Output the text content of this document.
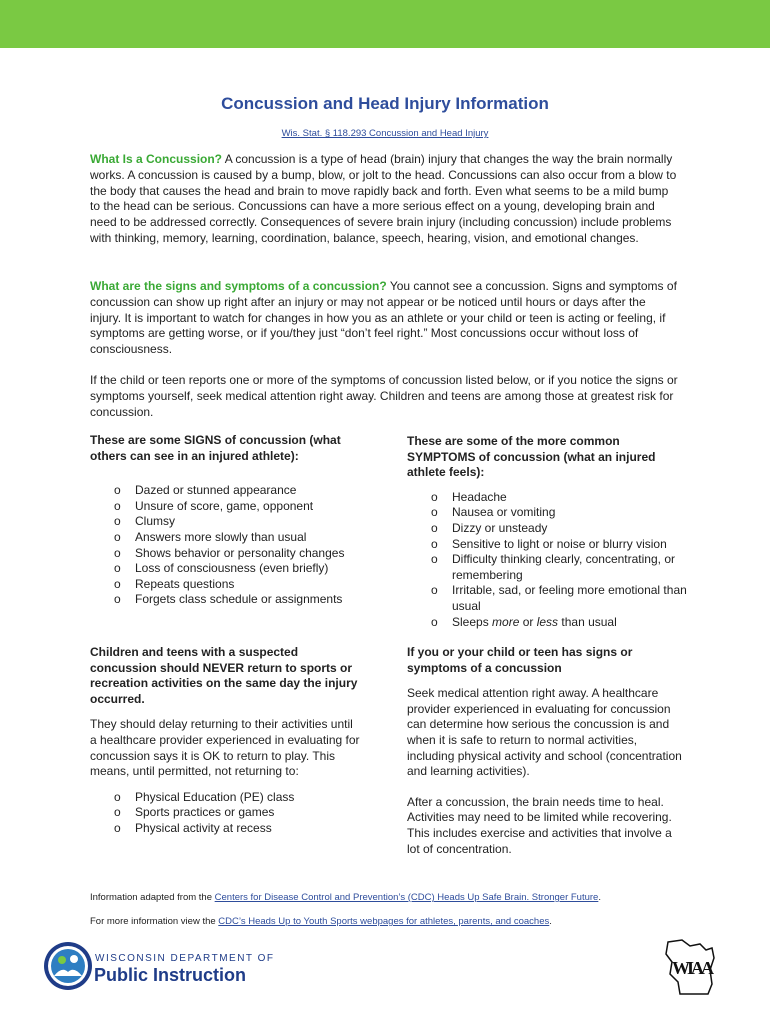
Concussion and Head Injury Information
Wis. Stat. § 118.293 Concussion and Head Injury
What Is a Concussion? A concussion is a type of head (brain) injury that changes the way the brain normally works. A concussion is caused by a bump, blow, or jolt to the head. Concussions can also occur from a blow to the body that causes the head and brain to move rapidly back and forth. Even what seems to be a mild bump to the head can be serious. Concussions can have a more serious effect on a young, developing brain and need to be addressed correctly. Consequences of severe brain injury (including concussion) include problems with thinking, memory, learning, coordination, balance, speech, hearing, vision, and emotional changes.
What are the signs and symptoms of a concussion? You cannot see a concussion. Signs and symptoms of concussion can show up right after an injury or may not appear or be noticed until hours or days after the injury. It is important to watch for changes in how you as an athlete or your child or teen is acting or feeling, if symptoms are getting worse, or if you/they just “don’t feel right.” Most concussions occur without loss of consciousness.
If the child or teen reports one or more of the symptoms of concussion listed below, or if you notice the signs or symptoms yourself, seek medical attention right away. Children and teens are among those at greatest risk for concussion.
These are some SIGNS of concussion (what others can see in an injured athlete):
o Dazed or stunned appearance
o Unsure of score, game, opponent
o Clumsy
o Answers more slowly than usual
o Shows behavior or personality changes
o Loss of consciousness (even briefly)
o Repeats questions
o Forgets class schedule or assignments
These are some of the more common SYMPTOMS of concussion (what an injured athlete feels):
o Headache
o Nausea or vomiting
o Dizzy or unsteady
o Sensitive to light or noise or blurry vision
o Difficulty thinking clearly, concentrating, or remembering
o Irritable, sad, or feeling more emotional than usual
o Sleeps more or less than usual
Children and teens with a suspected concussion should NEVER return to sports or recreation activities on the same day the injury occurred.

They should delay returning to their activities until a healthcare provider experienced in evaluating for concussion says it is OK to return to play. This means, until permitted, not returning to:

o Physical Education (PE) class
o Sports practices or games
o Physical activity at recess
If you or your child or teen has signs or symptoms of a concussion

Seek medical attention right away. A healthcare provider experienced in evaluating for concussion can determine how serious the concussion is and when it is safe to return to normal activities, including physical activity and school (concentration and learning activities).

After a concussion, the brain needs time to heal. Activities may need to be limited while recovering. This includes exercise and activities that involve a lot of concentration.

Information adapted from the Centers for Disease Control and Prevention’s (CDC) Heads Up Safe Brain. Stronger Future.
For more information view the CDC’s Heads Up to Youth Sports webpages for athletes, parents, and coaches.
WISCONSIN DEPARTMENT OF
Public Instruction	WIAA
